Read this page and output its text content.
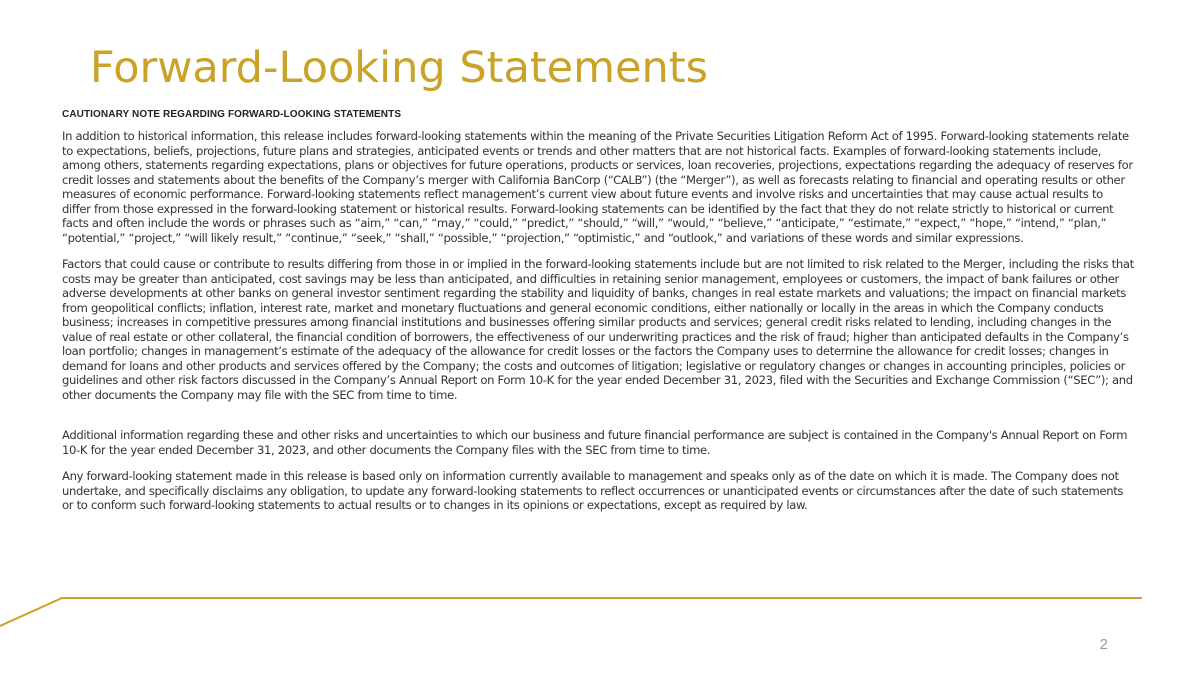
Forward-Looking Statements
CAUTIONARY NOTE REGARDING FORWARD-LOOKING STATEMENTS

In addition to historical information, this release includes forward-looking statements within the meaning of the Private Securities Litigation Reform Act of 1995. Forward-looking statements relate to expectations, beliefs, projections, future plans and strategies, anticipated events or trends and other matters that are not historical facts. Examples of forward-looking statements include, among others, statements regarding expectations, plans or objectives for future operations, products or services, loan recoveries, projections, expectations regarding the adequacy of reserves for credit losses and statements about the benefits of the Company’s merger with California BanCorp (“CALB”) (the “Merger”), as well as forecasts relating to financial and operating results or other measures of economic performance. Forward-looking statements reflect management’s current view about future events and involve risks and uncertainties that may cause actual results to differ from those expressed in the forward-looking statement or historical results. Forward-looking statements can be identified by the fact that they do not relate strictly to historical or current facts and often include the words or phrases such as “aim,” “can,” “may,” “could,” “predict,” “should,” “will,” “would,” “believe,” “anticipate,” “estimate,” “expect,” “hope,” “intend,” “plan,” “potential,” “project,” “will likely result,” “continue,” “seek,” “shall,” “possible,” “projection,” “optimistic,” and “outlook,” and variations of these words and similar expressions.

Factors that could cause or contribute to results differing from those in or implied in the forward-looking statements include but are not limited to risk related to the Merger, including the risks that costs may be greater than anticipated, cost savings may be less than anticipated, and difficulties in retaining senior management, employees or customers, the impact of bank failures or other adverse developments at other banks on general investor sentiment regarding the stability and liquidity of banks, changes in real estate markets and valuations; the impact on financial markets from geopolitical conflicts; inflation, interest rate, market and monetary fluctuations and general economic conditions, either nationally or locally in the areas in which the Company conducts business; increases in competitive pressures among financial institutions and businesses offering similar products and services; general credit risks related to lending, including changes in the value of real estate or other collateral, the financial condition of borrowers, the effectiveness of our underwriting practices and the risk of fraud; higher than anticipated defaults in the Company’s loan portfolio; changes in management’s estimate of the adequacy of the allowance for credit losses or the factors the Company uses to determine the allowance for credit losses; changes in demand for loans and other products and services offered by the Company; the costs and outcomes of litigation; legislative or regulatory changes or changes in accounting principles, policies or guidelines and other risk factors discussed in the Company’s Annual Report on Form 10-K for the year ended December 31, 2023, filed with the Securities and Exchange Commission (“SEC”); and other documents the Company may file with the SEC from time to time.

Additional information regarding these and other risks and uncertainties to which our business and future financial performance are subject is contained in the Company's Annual Report on Form 10-K for the year ended December 31, 2023, and other documents the Company files with the SEC from time to time.

Any forward-looking statement made in this release is based only on information currently available to management and speaks only as of the date on which it is made. The Company does not undertake, and specifically disclaims any obligation, to update any forward-looking statements to reflect occurrences or unanticipated events or circumstances after the date of such statements or to conform such forward-looking statements to actual results or to changes in its opinions or expectations, except as required by law.

2
